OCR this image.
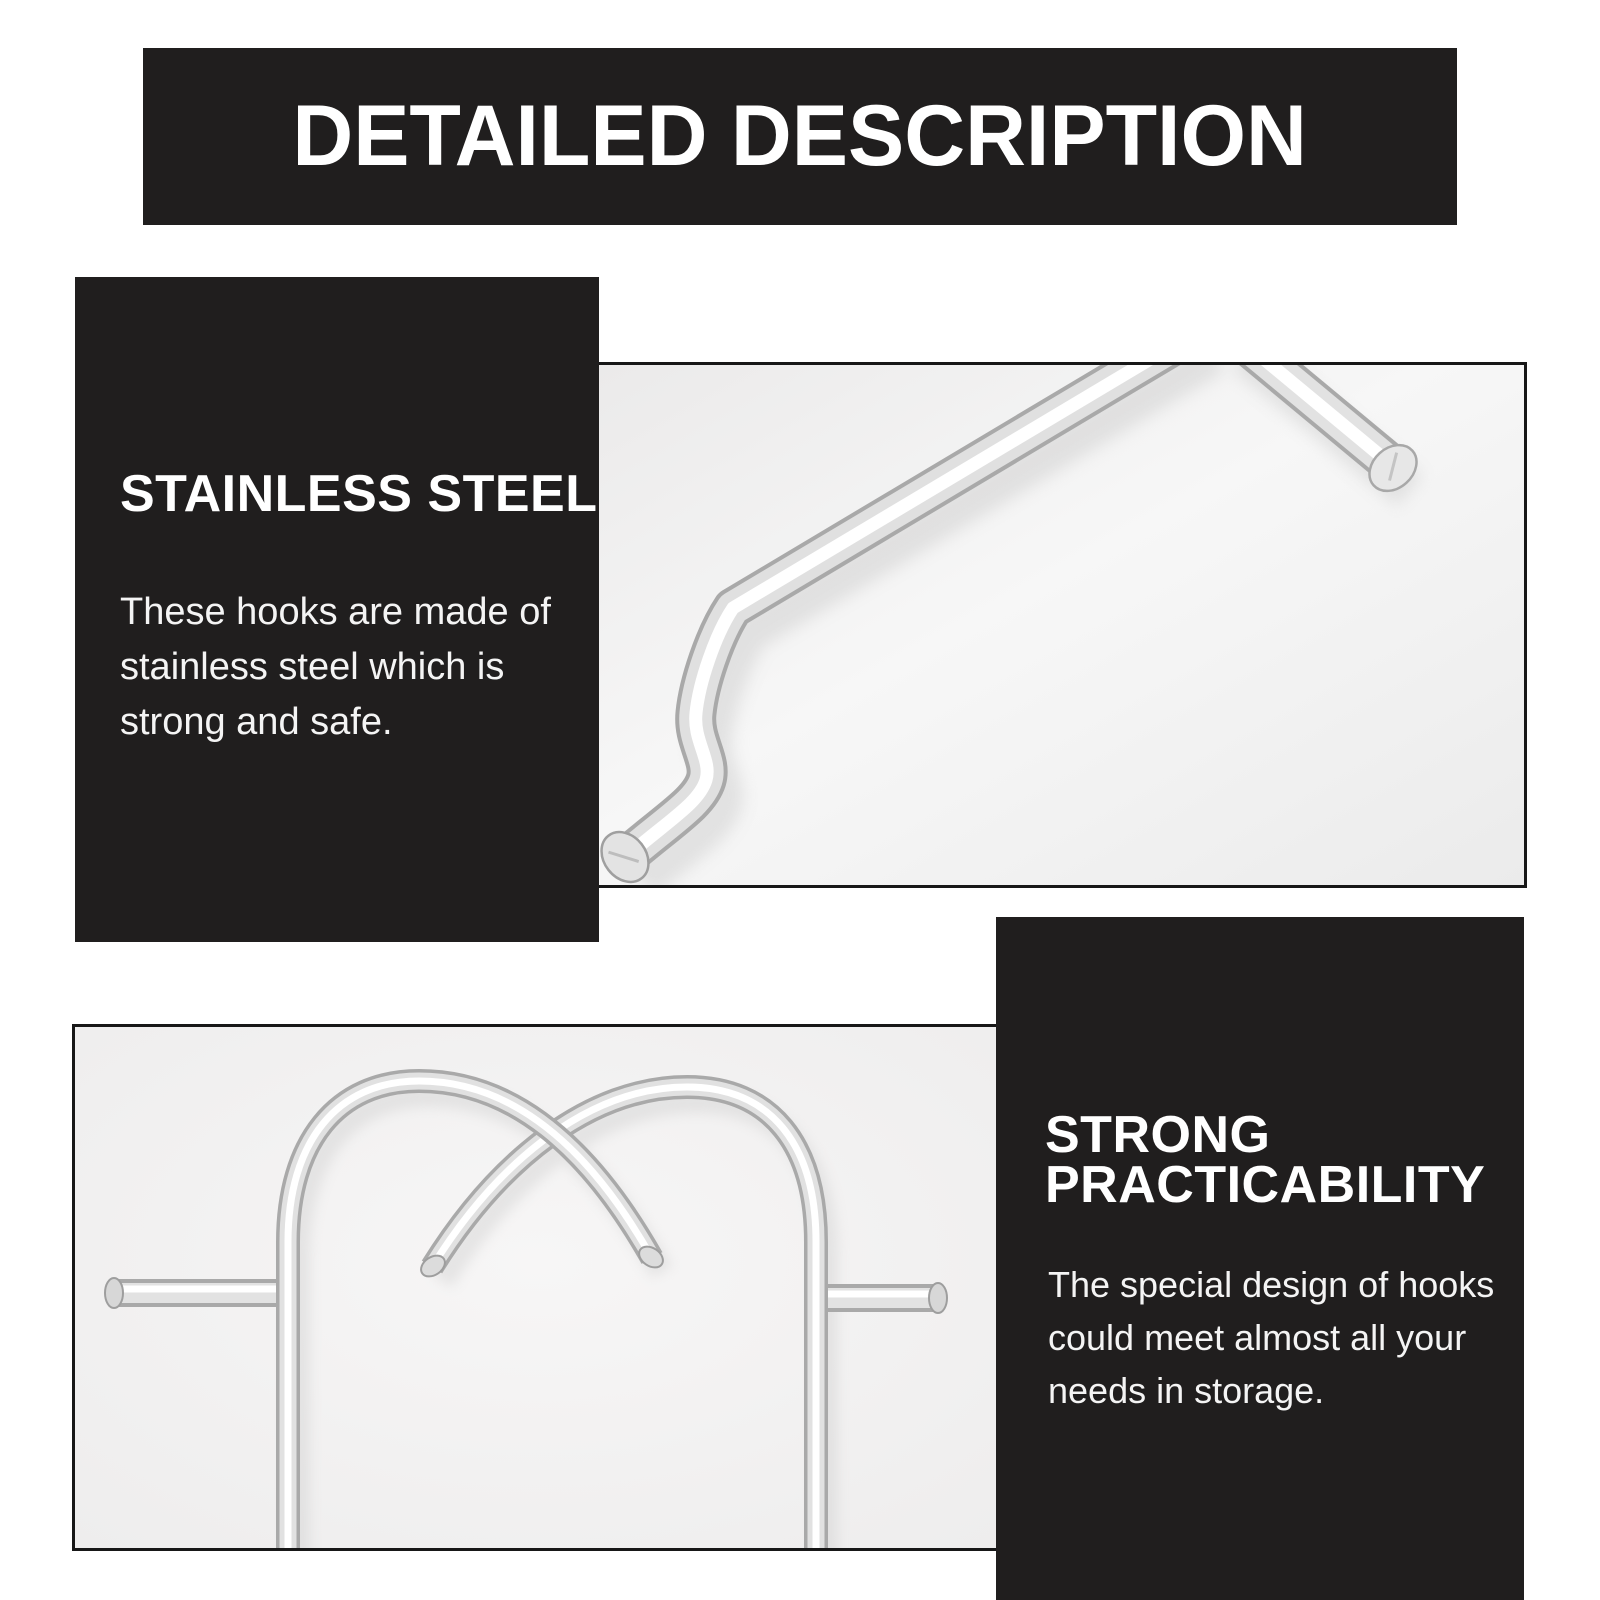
DETAILED DESCRIPTION
STAINLESS STEEL
These hooks are made of
stainless steel which is
strong and safe.
STRONG
PRACTICABILITY
The special design of hooks
could meet almost all your
needs in storage.
